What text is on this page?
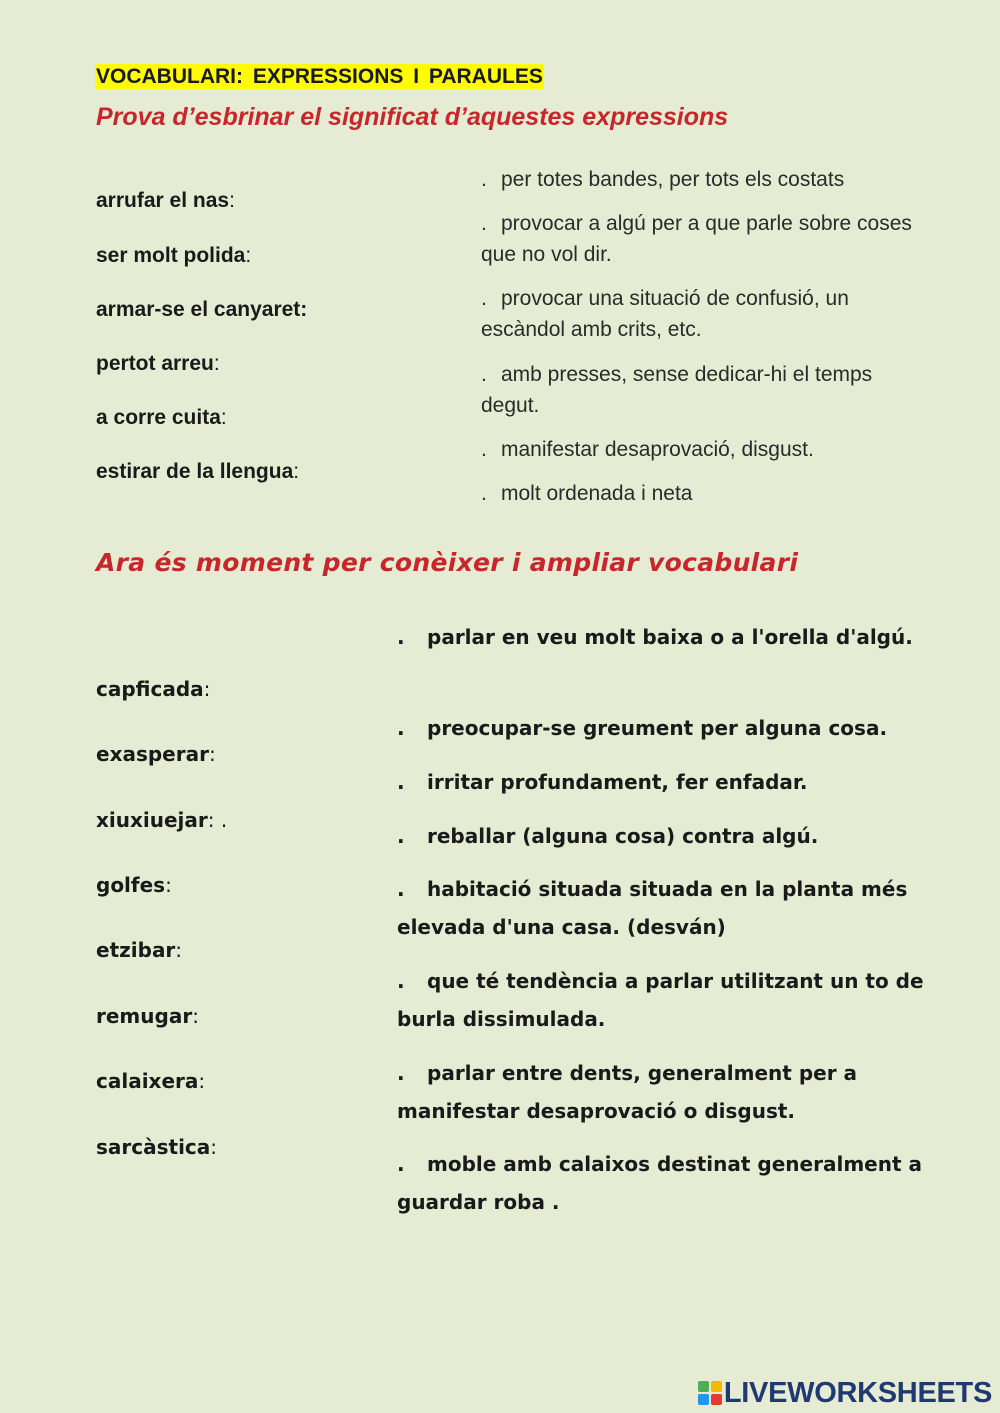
VOCABULARI: EXPRESSIONS I PARAULES
Prova d’esbrinar el significat d’aquestes expressions
arrufar el nas:
ser molt polida:
armar-se el canyaret:
pertot arreu:
a corre cuita:
estirar de la llengua:
. per totes bandes, per tots els costats
. provocar a algú per a que parle sobre coses que no vol dir.
. provocar una situació de confusió, un escàndol amb crits, etc.
. amb presses, sense dedicar-hi el temps degut.
. manifestar desaprovació, disgust.
. molt ordenada i neta
Ara és moment per conèixer i ampliar vocabulari
capficada:
exasperar:
xiuxiuejar: .
golfes:
etzibar:
remugar:
calaixera:
sarcàstica:
. parlar en veu molt baixa o a l'orella d'algú.
. preocupar-se greument per alguna cosa.
. irritar profundament, fer enfadar.
. reballar (alguna cosa) contra algú.
. habitació situada situada en la planta més elevada d'una casa. (desván)
. que té tendència a parlar utilitzant un to de burla dissimulada.
. parlar entre dents, generalment per a manifestar desaprovació o disgust.
. moble amb calaixos destinat generalment a guardar roba .
LIVEWORKSHEETS
